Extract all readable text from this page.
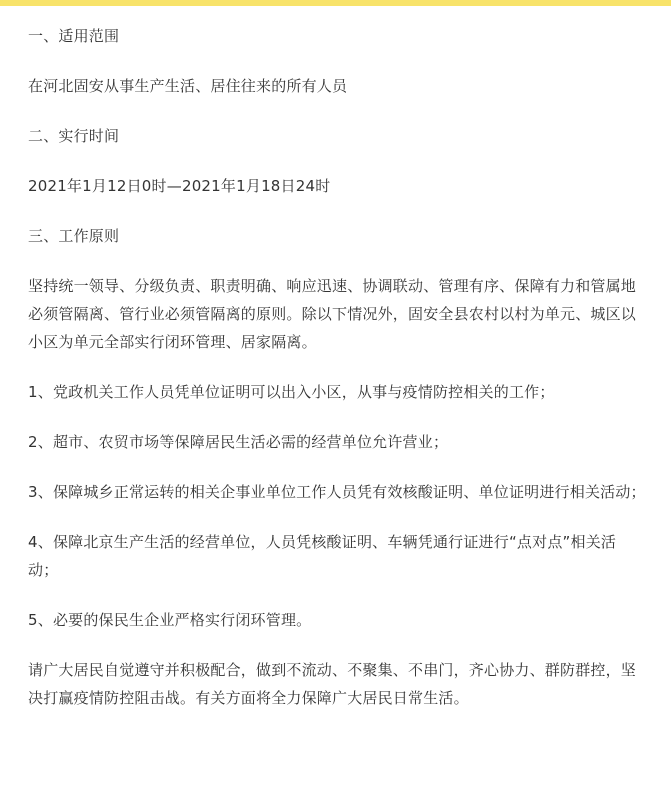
一、适用范围

在河北固安从事生产生活、居住往来的所有人员

二、实行时间

2021年1月12日0时—2021年1月18日24时

三、工作原则

坚持统一领导、分级负责、职责明确、响应迅速、协调联动、管理有序、保障有力和管属地必须管隔离、管行业必须管隔离的原则。除以下情况外，固安全县农村以村为单元、城区以小区为单元全部实行闭环管理、居家隔离。

1、党政机关工作人员凭单位证明可以出入小区，从事与疫情防控相关的工作；

2、超市、农贸市场等保障居民生活必需的经营单位允许营业；

3、保障城乡正常运转的相关企事业单位工作人员凭有效核酸证明、单位证明进行相关活动；

4、保障北京生产生活的经营单位，人员凭核酸证明、车辆凭通行证进行“点对点”相关活动；

5、必要的保民生企业严格实行闭环管理。

请广大居民自觉遵守并积极配合，做到不流动、不聚集、不串门，齐心协力、群防群控，坚决打赢疫情防控阻击战。有关方面将全力保障广大居民日常生活。
